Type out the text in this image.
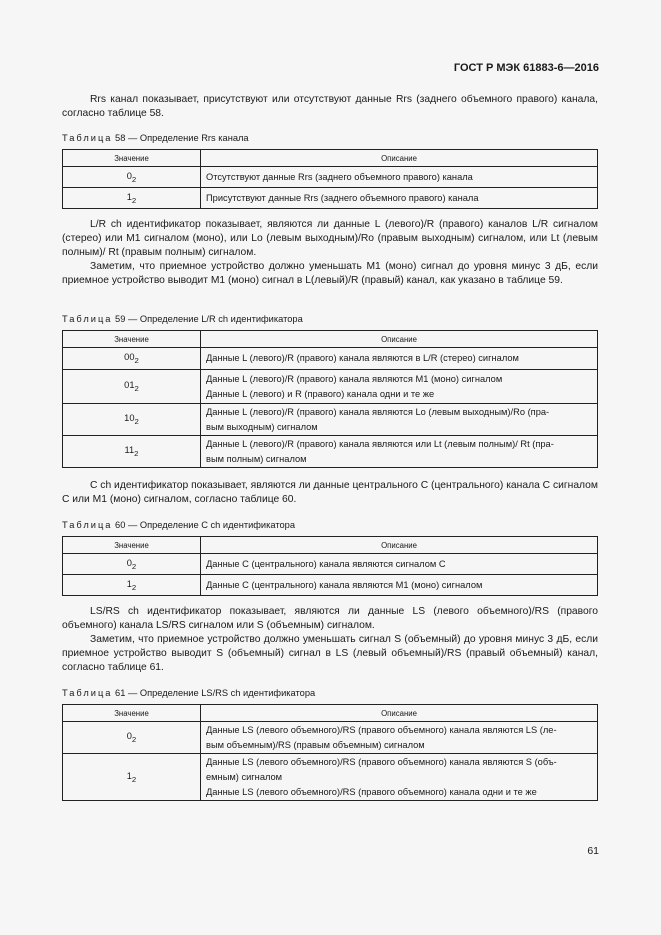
ГОСТ Р МЭК 61883-6—2016

Rrs канал показывает, присутствуют или отсутствуют данные Rrs (заднего объемного правого) канала, согласно таблице 58.

Таблица 58 — Определение Rrs канала
Значение	Описание
$0_2$	Отсутствуют данные Rrs (заднего объемного правого) канала

$1_2$	Присутствуют данные Rrs (заднего объемного правого) канала

L/R ch идентификатор показывает, являются ли данные L (левого)/R (правого) каналов L/R сигналом (стерео) или M1 сигналом (моно), или Lo (левым выходным)/Ro (правым выходным) сигналом, или Lt (левым полным)/ Rt (правым полным) сигналом.

Заметим, что приемное устройство должно уменьшать M1 (моно) сигнал до уровня минус 3 дБ, если приемное устройство выводит M1 (моно) сигнал в L(левый)/R (правый) канал, как указано в таблице 59.

Таблица 59 — Определение L/R ch идентификатора
Значение	Описание
$00_2$	Данные L (левого)/R (правого) канала являются в L/R (стерео) сигналом

$01_2$	Данные L (левого)/R (правого) канала являются M1 (моно) сигналом
Данные L (левого) и R (правого) канала одни и те же

$10_2$	Данные L (левого)/R (правого) канала являются Lo (левым выходным)/Ro (пра-
вым выходным) сигналом

$11_2$	Данные L (левого)/R (правого) канала являются или Lt (левым полным)/ Rt (пра-
вым полным) сигналом

C ch идентификатор показывает, являются ли данные центрального C (центрального) канала C сигналом C или M1 (моно) сигналом, согласно таблице 60.

Таблица 60 — Определение C ch идентификатора
Значение	Описание
$0_2$	Данные C (центрального) канала являются сигналом C

$1_2$	Данные C (центрального) канала являются M1 (моно) сигналом

LS/RS ch идентификатор показывает, являются ли данные LS (левого объемного)/RS (правого объемного) канала LS/RS сигналом или S (объемным) сигналом.

Заметим, что приемное устройство должно уменьшать сигнал S (объемный) до уровня минус 3 дБ, если приемное устройство выводит S (объемный) сигнал в LS (левый объемный)/RS (правый объемный) канал, согласно таблице 61.

Таблица 61 — Определение LS/RS ch идентификатора
Значение	Описание
$0_2$	Данные LS (левого объемного)/RS (правого объемного) канала являются LS (ле-
вым объемным)/RS (правым объемным) сигналом

$1_2$	Данные LS (левого объемного)/RS (правого объемного) канала являются S (объ-
емным) сигналом
Данные LS (левого объемного)/RS (правого объемного) канала одни и те же
61
